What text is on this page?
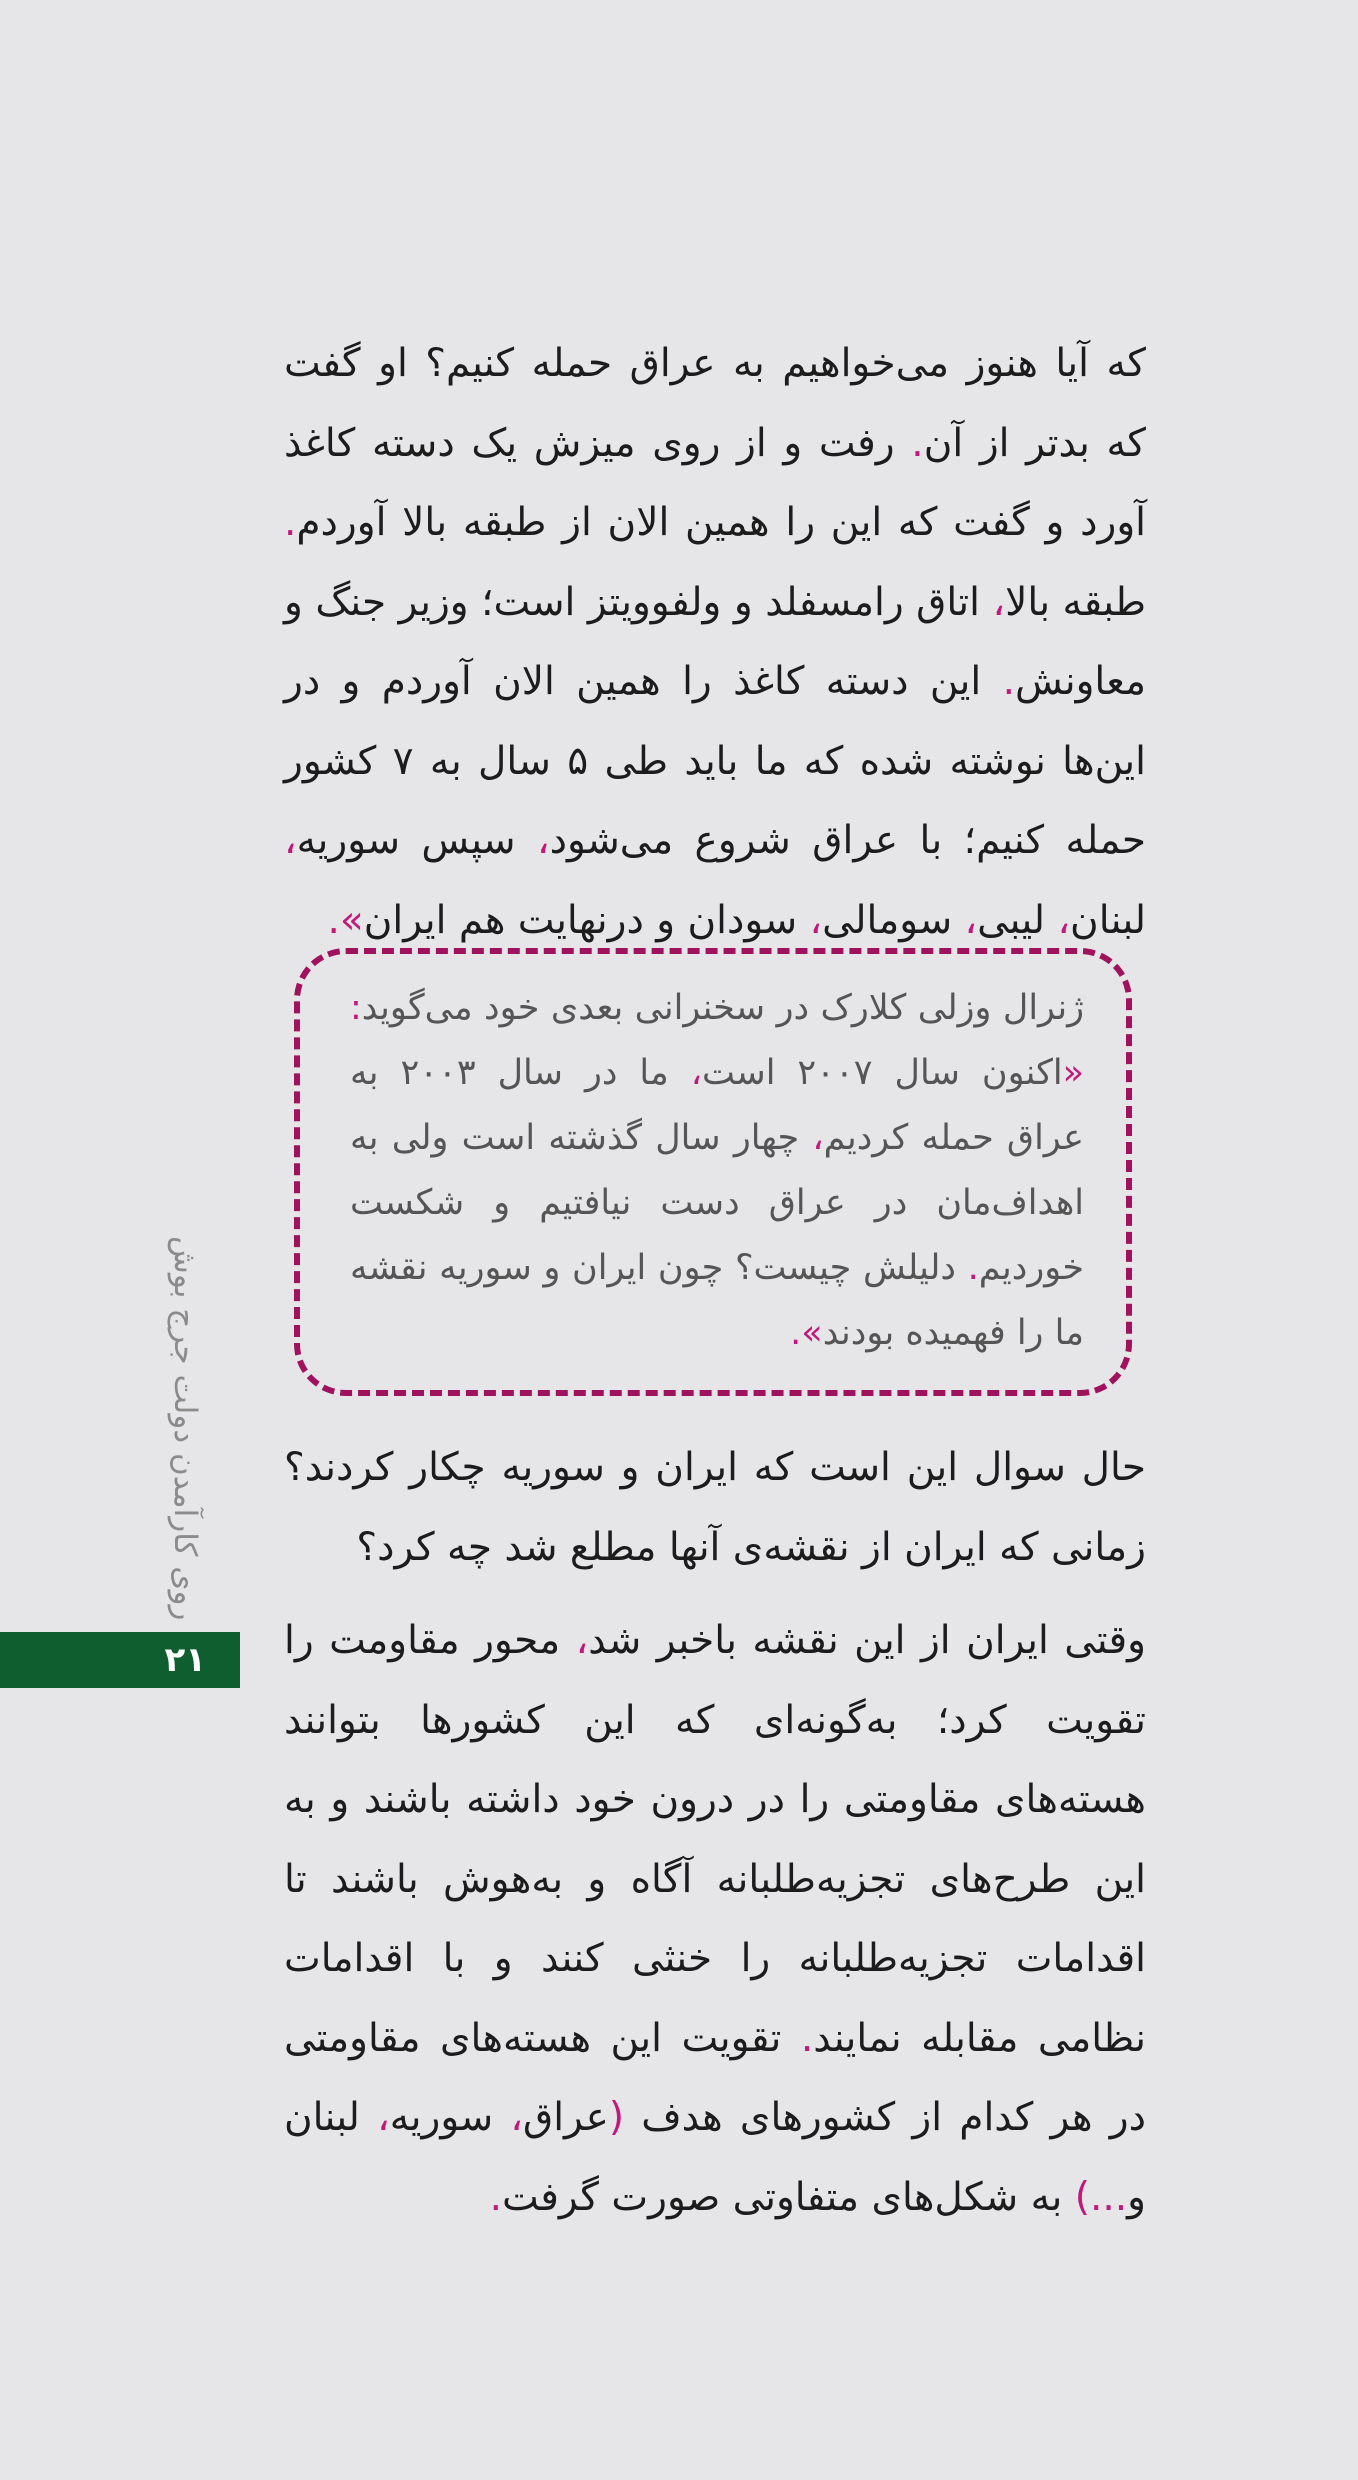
که آیا هنوز می‌خواهیم به عراق حمله کنیم؟ او گفت که بدتر از آن. رفت و از روی میزش یک دسته کاغذ آورد و گفت که این را همین الان از طبقه بالا آوردم. طبقه بالا، اتاق رامسفلد و ولفوویتز است؛ وزیر جنگ و معاونش. این دسته کاغذ را همین الان آوردم و در این‌ها نوشته شده که ما باید طی ۵ سال به ۷ کشور حمله کنیم؛ با عراق شروع می‌شود، سپس سوریه، لبنان، لیبی، سومالی، سودان و درنهایت هم ایران».

ژنرال وزلی کلارک در سخنرانی بعدی خود می‌گوید: «اکنون سال ۲۰۰۷ است، ما در سال ۲۰۰۳ به عراق حمله کردیم، چهار سال گذشته است ولی به اهداف‌مان در عراق دست نیافتیم و شکست خوردیم. دلیلش چیست؟ چون ایران و سوریه نقشه ما را فهمیده بودند».

حال سوال این است که ایران و سوریه چکار کردند؟ زمانی که ایران از نقشه‌ی آنها مطلع شد چه کرد؟

وقتی ایران از این نقشه باخبر شد، محور مقاومت را تقویت کرد؛ به‌گونه‌ای که این کشورها بتوانند هسته‌های مقاومتی را در درون خود داشته باشند و به این طرح‌های تجزیه‌طلبانه آگاه و به‌هوش باشند تا اقدامات تجزیه‌طلبانه را خنثی کنند و با اقدامات نظامی مقابله نمایند. تقویت این هسته‌های مقاومتی در هر کدام از کشورهای هدف (عراق، سوریه، لبنان و...) به شکل‌های متفاوتی صورت گرفت.

روی کارآمدن دولت جرج بوش
۲۱
